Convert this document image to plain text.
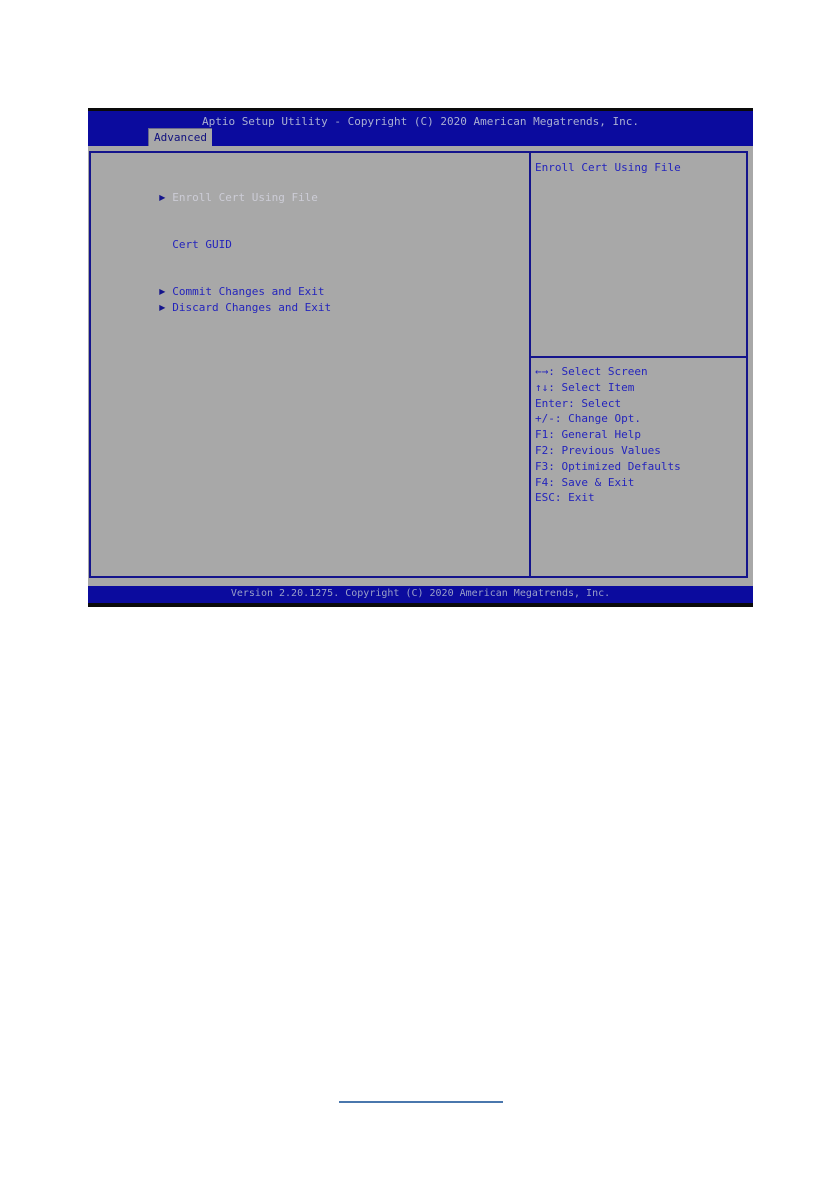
Aptio Setup Utility - Copyright (C) 2020 American Megatrends, Inc.
Advanced

▶ Enroll Cert Using File

Cert GUID

▶ Commit Changes and Exit

▶ Discard Changes and Exit

Enroll Cert Using File
←→: Select Screen
↑↓: Select Item
Enter: Select
+/-: Change Opt.
F1: General Help
F2: Previous Values
F3: Optimized Defaults
F4: Save & Exit
ESC: Exit
Version 2.20.1275. Copyright (C) 2020 American Megatrends, Inc.
